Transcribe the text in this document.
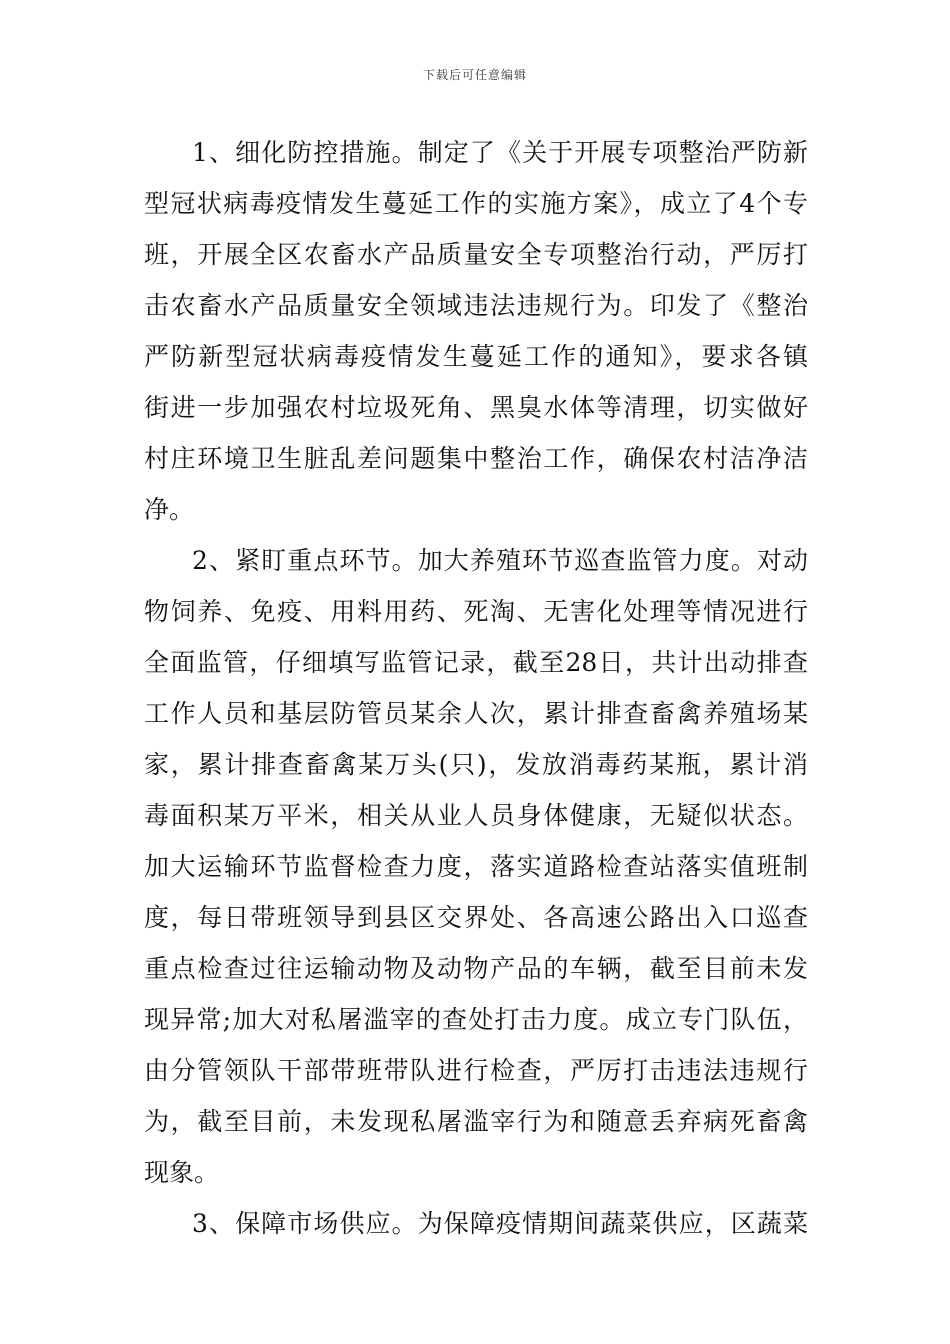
下载后可任意编辑
1、细化防控措施。制定了《关于开展专项整治严防新
型冠状病毒疫情发生蔓延工作的实施方案》，成立了4个专
班，开展全区农畜水产品质量安全专项整治行动，严厉打
击农畜水产品质量安全领域违法违规行为。印发了《整治
严防新型冠状病毒疫情发生蔓延工作的通知》，要求各镇
街进一步加强农村垃圾死角、黑臭水体等清理，切实做好
村庄环境卫生脏乱差问题集中整治工作，确保农村洁净洁
净。
2、紧盯重点环节。加大养殖环节巡查监管力度。对动
物饲养、免疫、用料用药、死淘、无害化处理等情况进行
全面监管，仔细填写监管记录，截至28日，共计出动排查
工作人员和基层防管员某余人次，累计排查畜禽养殖场某
家，累计排查畜禽某万头(只)，发放消毒药某瓶，累计消
毒面积某万平米，相关从业人员身体健康，无疑似状态。
加大运输环节监督检查力度，落实道路检查站落实值班制
度，每日带班领导到县区交界处、各高速公路出入口巡查
重点检查过往运输动物及动物产品的车辆，截至目前未发
现异常;加大对私屠滥宰的查处打击力度。成立专门队伍，
由分管领队干部带班带队进行检查，严厉打击违法违规行
为，截至目前，未发现私屠滥宰行为和随意丢弃病死畜禽
现象。
3、保障市场供应。为保障疫情期间蔬菜供应，区蔬菜
